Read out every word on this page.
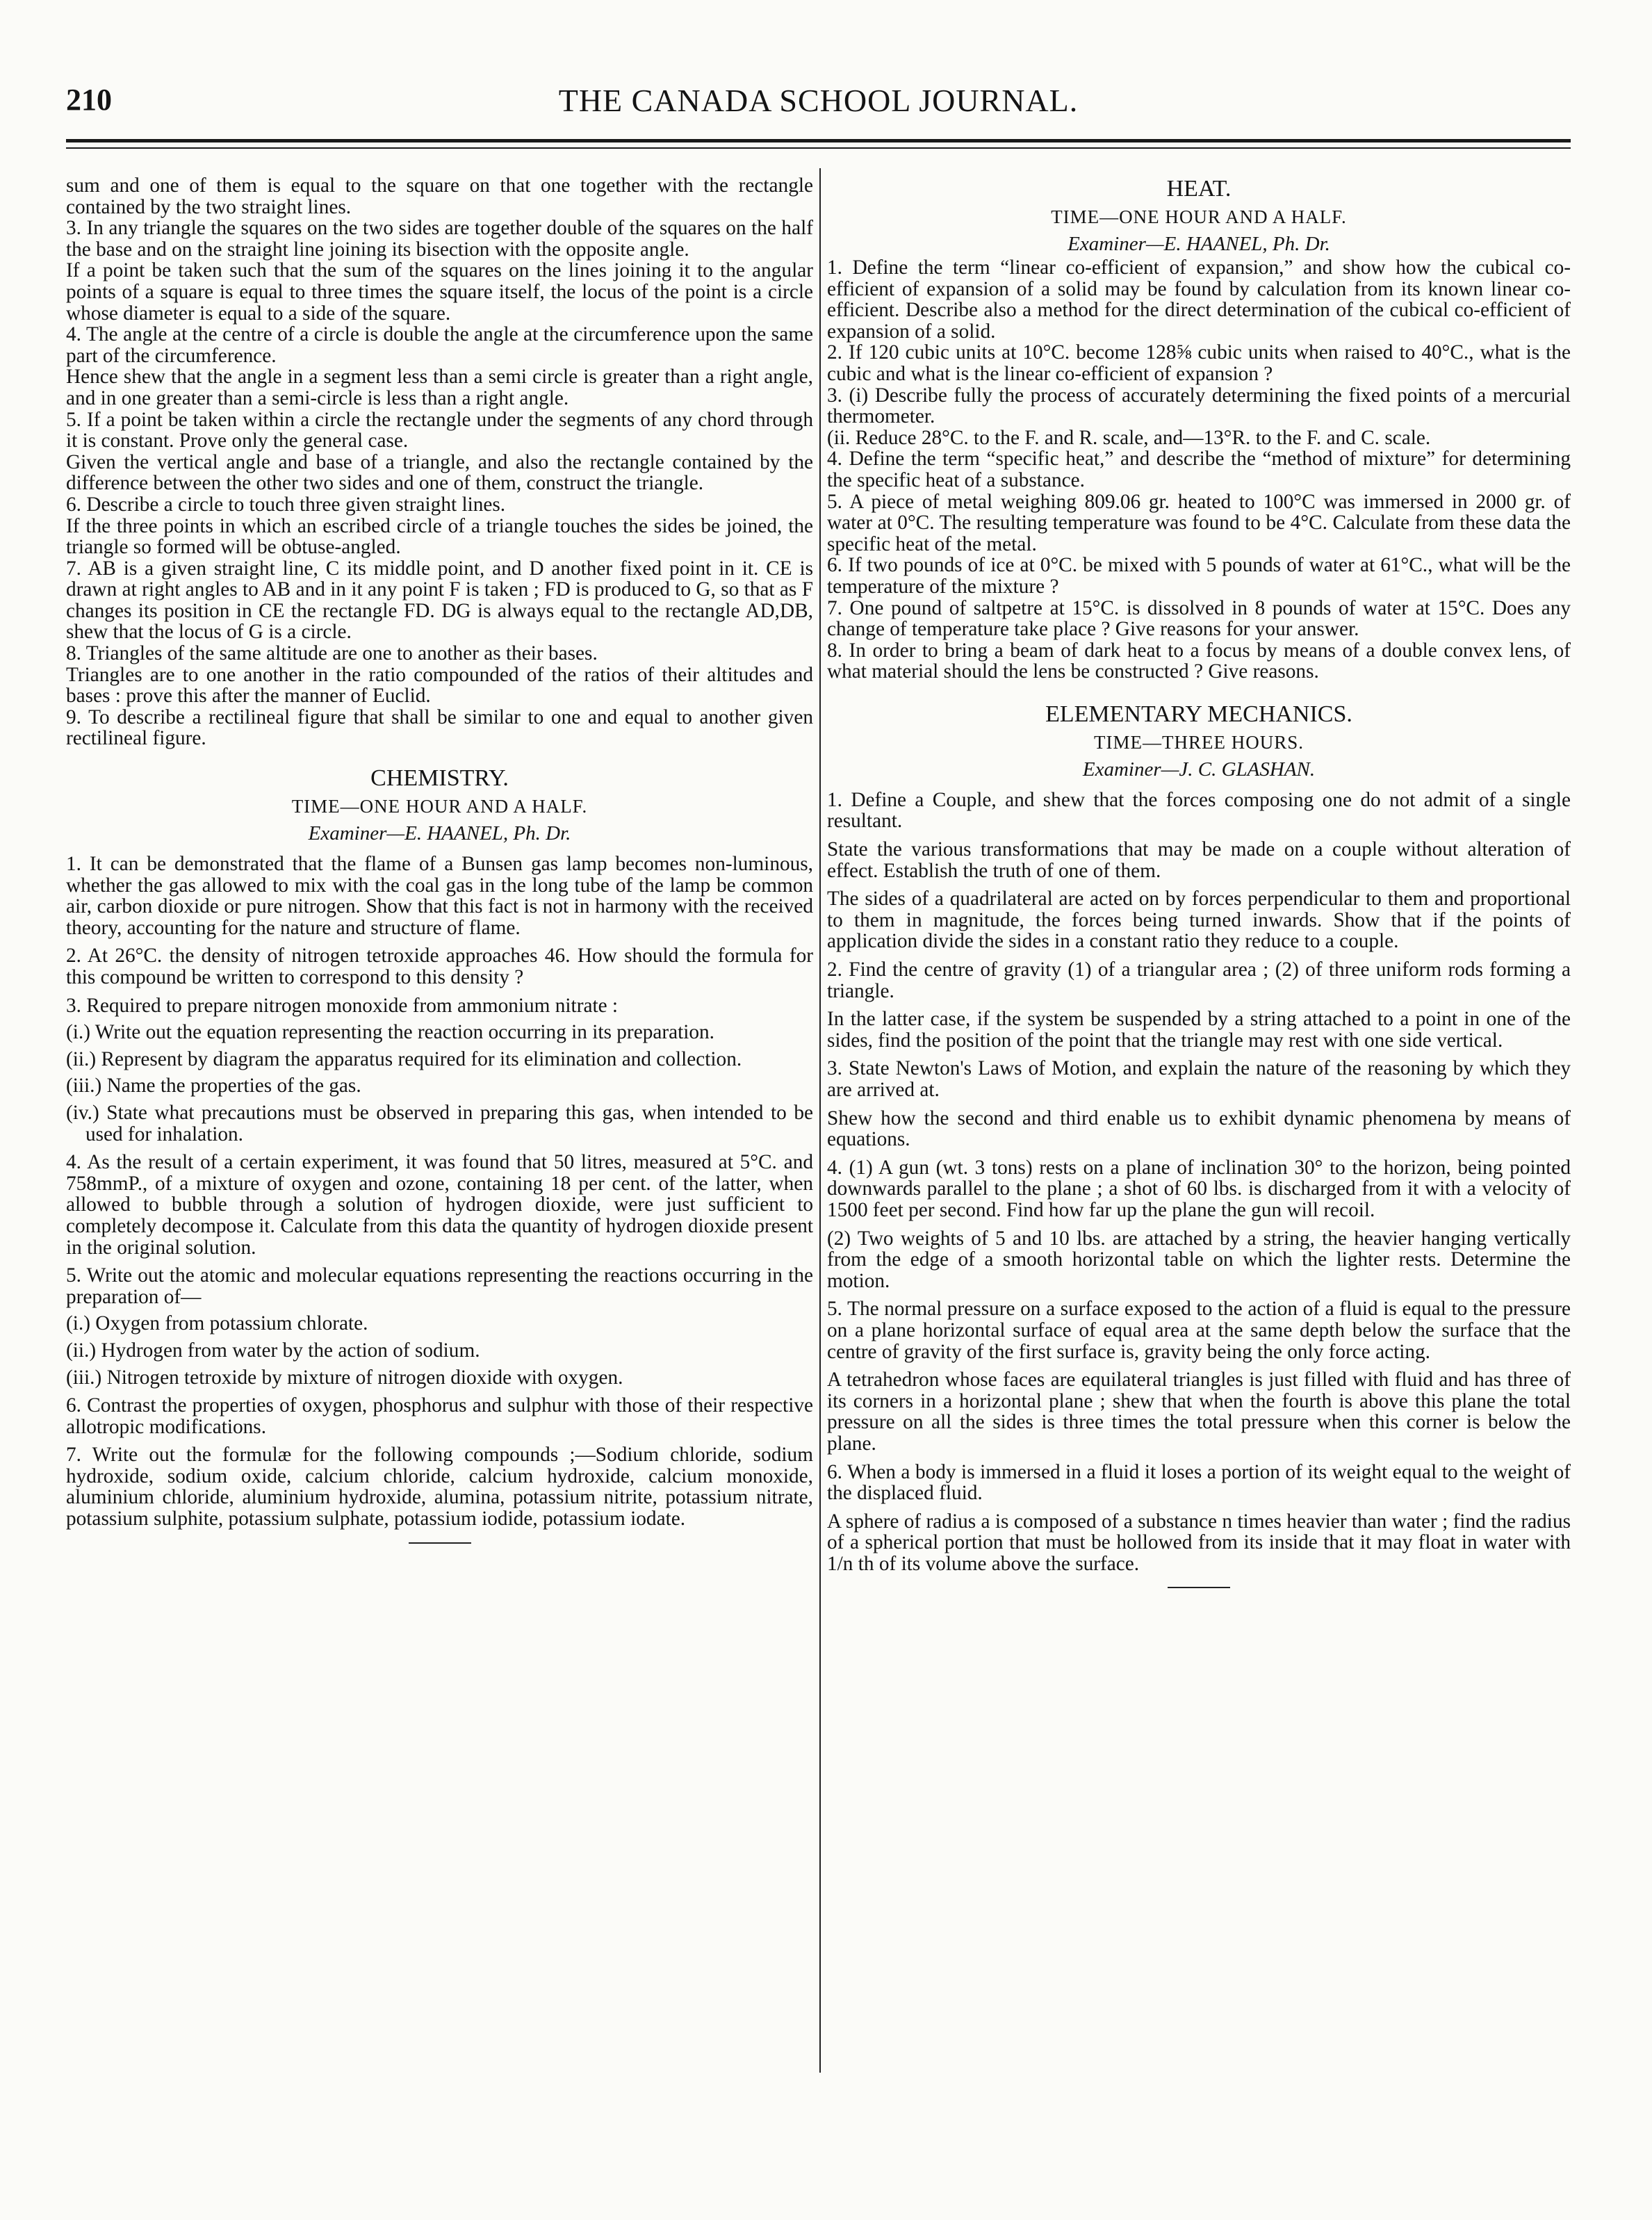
210	THE CANADA SCHOOL JOURNAL.

sum and one of them is equal to the square on that one together with the rectangle contained by the two straight lines.

3. In any triangle the squares on the two sides are together double of the squares on the half the base and on the straight line joining its bisection with the opposite angle.

If a point be taken such that the sum of the squares on the lines joining it to the angular points of a square is equal to three times the square itself, the locus of the point is a circle whose diameter is equal to a side of the square.

4. The angle at the centre of a circle is double the angle at the circumference upon the same part of the circumference.

Hence shew that the angle in a segment less than a semi circle is greater than a right angle, and in one greater than a semi-circle is less than a right angle.

5. If a point be taken within a circle the rectangle under the segments of any chord through it is constant. Prove only the general case.

Given the vertical angle and base of a triangle, and also the rectangle contained by the difference between the other two sides and one of them, construct the triangle.

6. Describe a circle to touch three given straight lines.

If the three points in which an escribed circle of a triangle touches the sides be joined, the triangle so formed will be obtuse-angled.

7. AB is a given straight line, C its middle point, and D another fixed point in it. CE is drawn at right angles to AB and in it any point F is taken ; FD is produced to G, so that as F changes its position in CE the rectangle FD. DG is always equal to the rectangle AD,DB, shew that the locus of G is a circle.

8. Triangles of the same altitude are one to another as their bases.

Triangles are to one another in the ratio compounded of the ratios of their altitudes and bases : prove this after the manner of Euclid.

9. To describe a rectilineal figure that shall be similar to one and equal to another given rectilineal figure.

CHEMISTRY.

TIME—ONE HOUR AND A HALF.

Examiner—E. HAANEL, Ph. Dr.

1. It can be demonstrated that the flame of a Bunsen gas lamp becomes non-luminous, whether the gas allowed to mix with the coal gas in the long tube of the lamp be common air, carbon dioxide or pure nitrogen. Show that this fact is not in harmony with the received theory, accounting for the nature and structure of flame.

2. At 26°C. the density of nitrogen tetroxide approaches 46. How should the formula for this compound be written to correspond to this density ?

3. Required to prepare nitrogen monoxide from ammonium nitrate :

(i.) Write out the equation representing the reaction occurring in its preparation.

(ii.) Represent by diagram the apparatus required for its elimination and collection.

(iii.) Name the properties of the gas.

(iv.) State what precautions must be observed in preparing this gas, when intended to be used for inhalation.

4. As the result of a certain experiment, it was found that 50 litres, measured at 5°C. and 758mmP., of a mixture of oxygen and ozone, containing 18 per cent. of the latter, when allowed to bubble through a solution of hydrogen dioxide, were just sufficient to completely decompose it. Calculate from this data the quantity of hydrogen dioxide present in the original solution.

5. Write out the atomic and molecular equations representing the reactions occurring in the preparation of—

(i.) Oxygen from potassium chlorate.

(ii.) Hydrogen from water by the action of sodium.

(iii.) Nitrogen tetroxide by mixture of nitrogen dioxide with oxygen.

6. Contrast the properties of oxygen, phosphorus and sulphur with those of their respective allotropic modifications.

7. Write out the formulæ for the following compounds ;—Sodium chloride, sodium hydroxide, sodium oxide, calcium chloride, calcium hydroxide, calcium monoxide, aluminium chloride, aluminium hydroxide, alumina, potassium nitrite, potassium nitrate, potassium sulphite, potassium sulphate, potassium iodide, potassium iodate.

HEAT.

TIME—ONE HOUR AND A HALF.

Examiner—E. HAANEL, Ph. Dr.

1. Define the term “linear co-efficient of expansion,” and show how the cubical co-efficient of expansion of a solid may be found by calculation from its known linear co-efficient. Describe also a method for the direct determination of the cubical co-efficient of expansion of a solid.

2. If 120 cubic units at 10°C. become 128⅝ cubic units when raised to 40°C., what is the cubic and what is the linear co-efficient of expansion ?

3. (i) Describe fully the process of accurately determining the fixed points of a mercurial thermometer.

(ii. Reduce 28°C. to the F. and R. scale, and—13°R. to the F. and C. scale.

4. Define the term “specific heat,” and describe the “method of mixture” for determining the specific heat of a substance.

5. A piece of metal weighing 809.06 gr. heated to 100°C was immersed in 2000 gr. of water at 0°C. The resulting temperature was found to be 4°C. Calculate from these data the specific heat of the metal.

6. If two pounds of ice at 0°C. be mixed with 5 pounds of water at 61°C., what will be the temperature of the mixture ?

7. One pound of saltpetre at 15°C. is dissolved in 8 pounds of water at 15°C. Does any change of temperature take place ? Give reasons for your answer.

8. In order to bring a beam of dark heat to a focus by means of a double convex lens, of what material should the lens be constructed ? Give reasons.

ELEMENTARY MECHANICS.

TIME—THREE HOURS.

Examiner—J. C. GLASHAN.

1. Define a Couple, and shew that the forces composing one do not admit of a single resultant.

State the various transformations that may be made on a couple without alteration of effect. Establish the truth of one of them.

The sides of a quadrilateral are acted on by forces perpendicular to them and proportional to them in magnitude, the forces being turned inwards. Show that if the points of application divide the sides in a constant ratio they reduce to a couple.

2. Find the centre of gravity (1) of a triangular area ; (2) of three uniform rods forming a triangle.

In the latter case, if the system be suspended by a string attached to a point in one of the sides, find the position of the point that the triangle may rest with one side vertical.

3. State Newton's Laws of Motion, and explain the nature of the reasoning by which they are arrived at.

Shew how the second and third enable us to exhibit dynamic phenomena by means of equations.

4. (1) A gun (wt. 3 tons) rests on a plane of inclination 30° to the horizon, being pointed downwards parallel to the plane ; a shot of 60 lbs. is discharged from it with a velocity of 1500 feet per second. Find how far up the plane the gun will recoil.

(2) Two weights of 5 and 10 lbs. are attached by a string, the heavier hanging vertically from the edge of a smooth horizontal table on which the lighter rests. Determine the motion.

5. The normal pressure on a surface exposed to the action of a fluid is equal to the pressure on a plane horizontal surface of equal area at the same depth below the surface that the centre of gravity of the first surface is, gravity being the only force acting.

A tetrahedron whose faces are equilateral triangles is just filled with fluid and has three of its corners in a horizontal plane ; shew that when the fourth is above this plane the total pressure on all the sides is three times the total pressure when this corner is below the plane.

6. When a body is immersed in a fluid it loses a portion of its weight equal to the weight of the displaced fluid.

A sphere of radius a is composed of a substance n times heavier than water ; find the radius of a spherical portion that must be hollowed from its inside that it may float in water with 1/n th of its volume above the surface.
